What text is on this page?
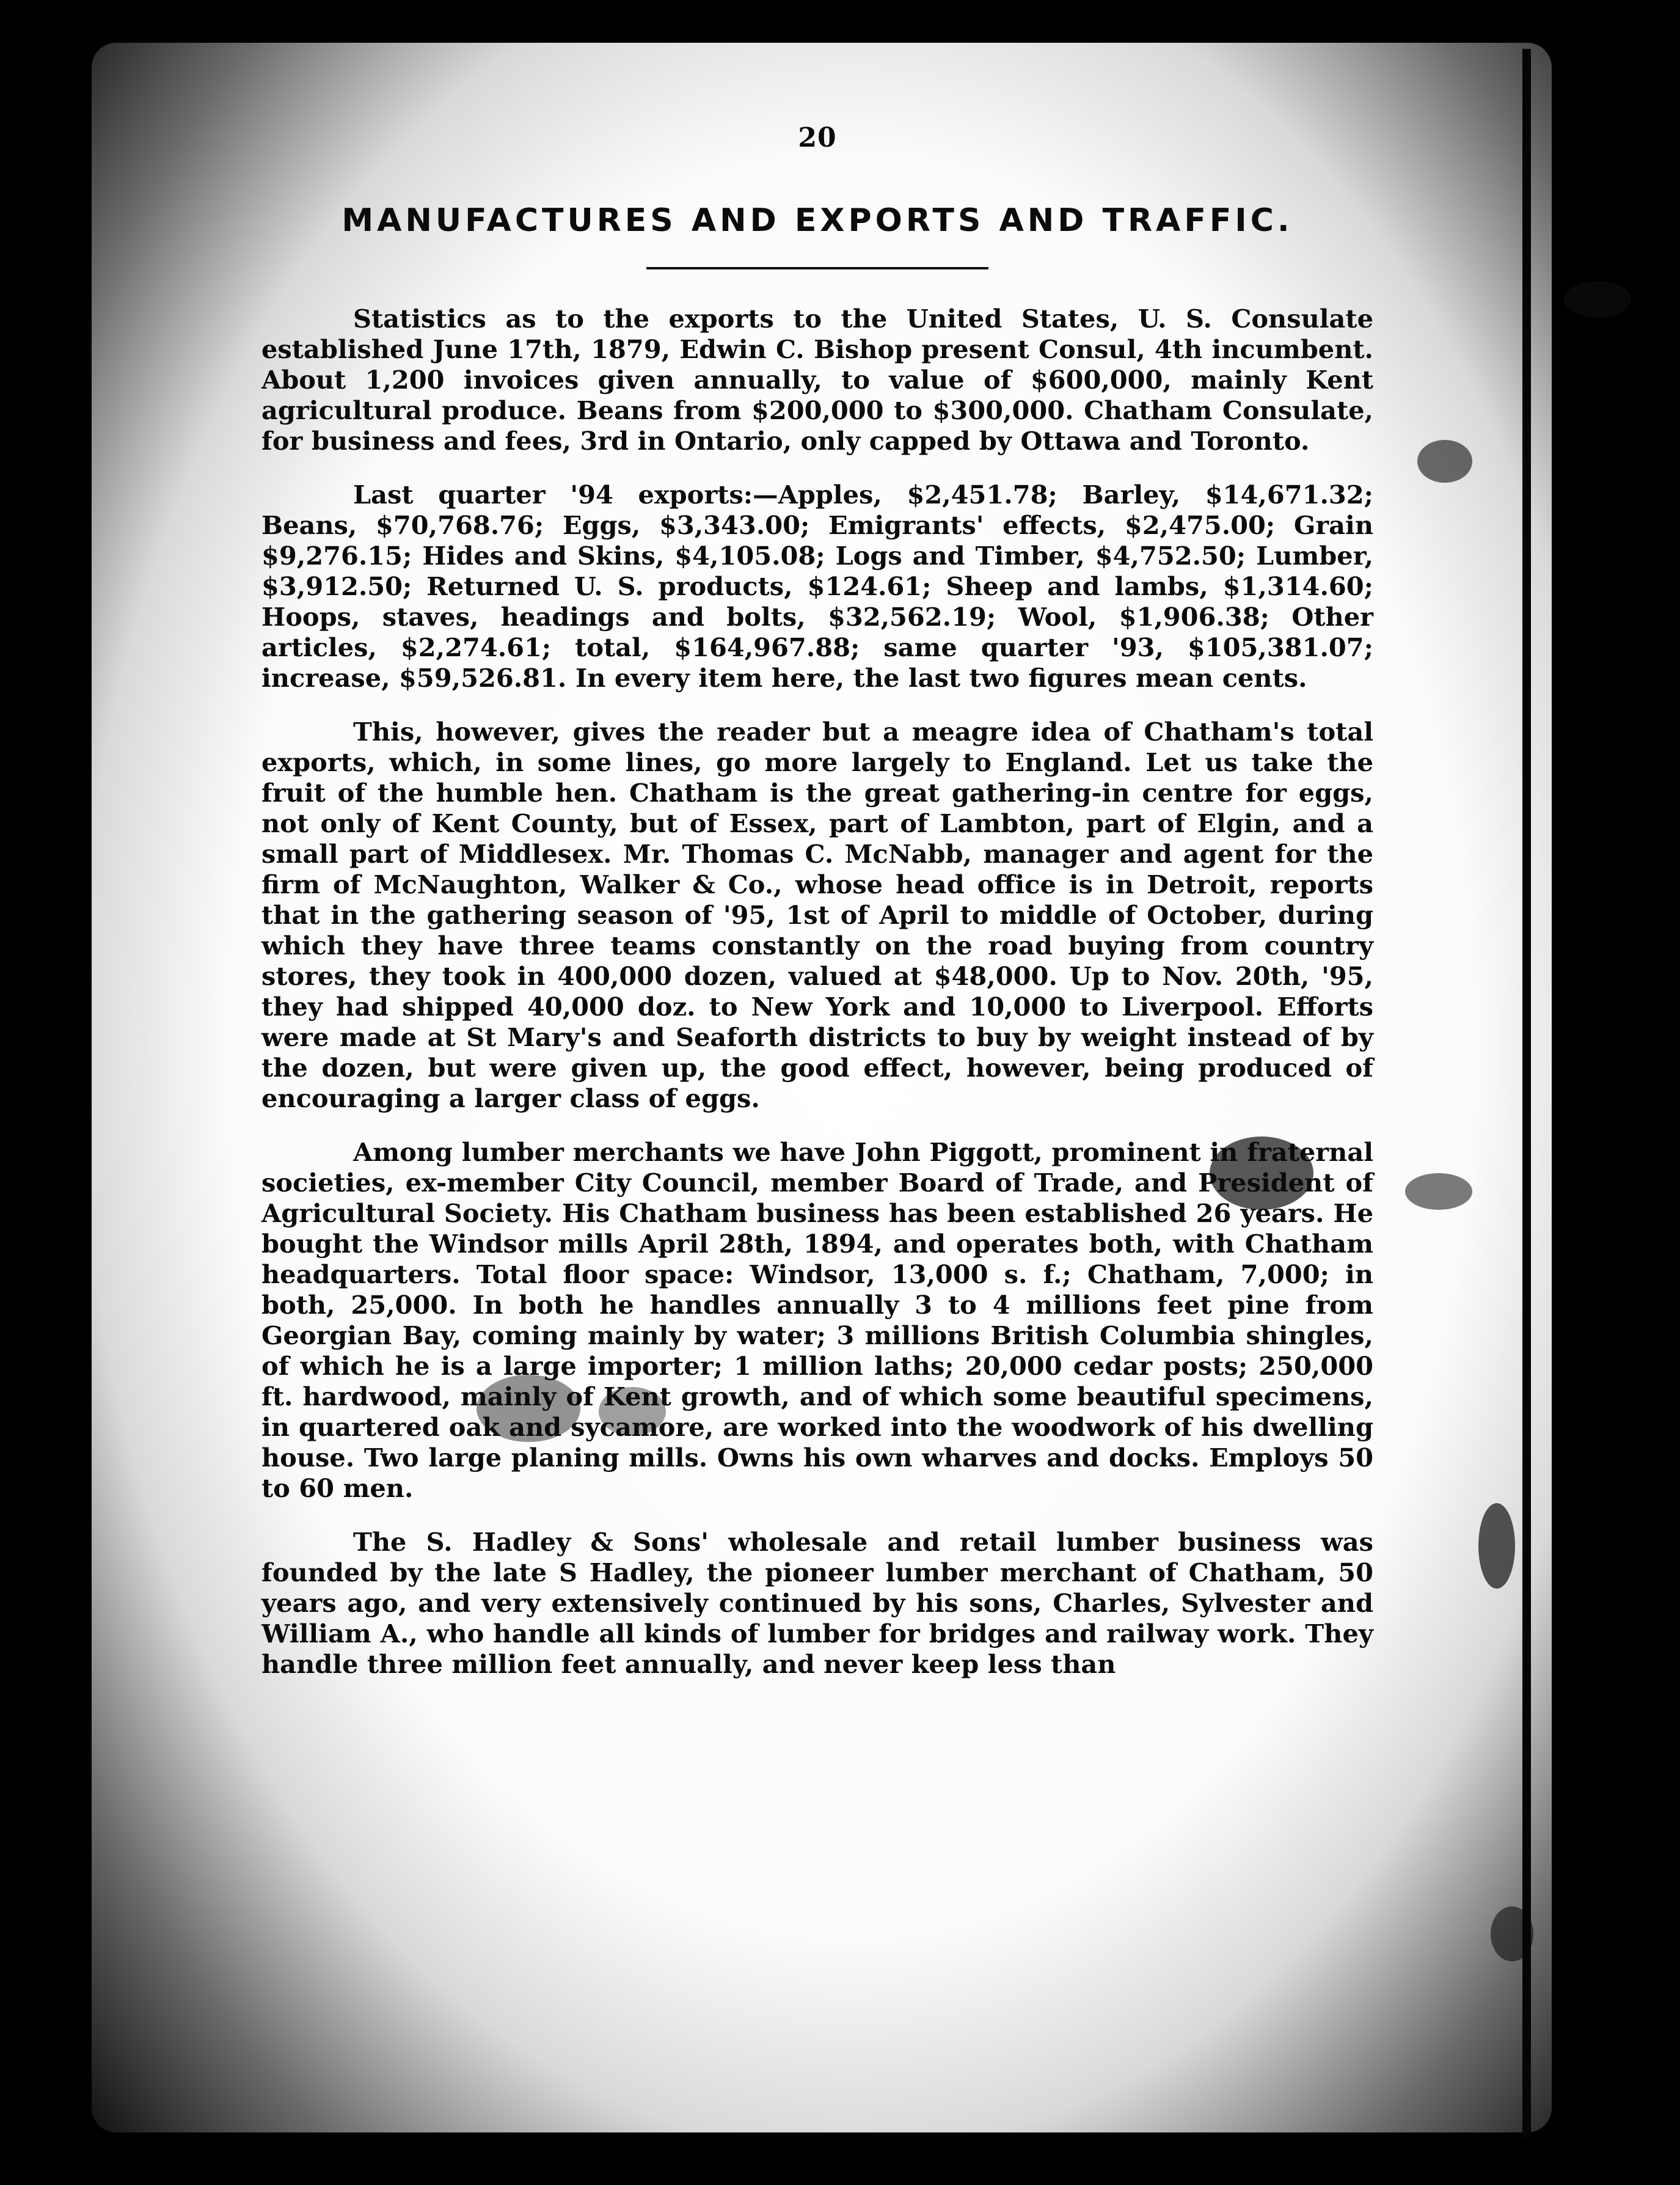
20
MANUFACTURES AND EXPORTS AND TRAFFIC.

Statistics as to the exports to the United States, U. S. Consulate established June 17th, 1879, Edwin C. Bishop present Consul, 4th incumbent. About 1,200 invoices given annually, to value of $600,000, mainly Kent agricultural produce. Beans from $200,000 to $300,000. Chatham Consulate, for business and fees, 3rd in Ontario, only capped by Ottawa and Toronto.

Last quarter '94 exports:—Apples, $2,451.78; Barley, $14,671.32; Beans, $70,768.76; Eggs, $3,343.00; Emigrants' effects, $2,475.00; Grain $9,276.15; Hides and Skins, $4,105.08; Logs and Timber, $4,752.50; Lumber, $3,912.50; Returned U. S. products, $124.61; Sheep and lambs, $1,314.60; Hoops, staves, headings and bolts, $32,562.19; Wool, $1,906.38; Other articles, $2,274.61; total, $164,967.88; same quarter '93, $105,381.07; increase, $59,526.81. In every item here, the last two figures mean cents.

This, however, gives the reader but a meagre idea of Chatham's total exports, which, in some lines, go more largely to England. Let us take the fruit of the humble hen. Chatham is the great gathering-in centre for eggs, not only of Kent County, but of Essex, part of Lambton, part of Elgin, and a small part of Middlesex. Mr. Thomas C. McNabb, manager and agent for the firm of McNaughton, Walker & Co., whose head office is in Detroit, reports that in the gathering season of '95, 1st of April to middle of October, during which they have three teams constantly on the road buying from country stores, they took in 400,000 dozen, valued at $48,000. Up to Nov. 20th, '95, they had shipped 40,000 doz. to New York and 10,000 to Liverpool. Efforts were made at St Mary's and Seaforth districts to buy by weight instead of by the dozen, but were given up, the good effect, however, being produced of encouraging a larger class of eggs.

Among lumber merchants we have John Piggott, prominent in fraternal societies, ex-member City Council, member Board of Trade, and President of Agricultural Society. His Chatham business has been established 26 years. He bought the Windsor mills April 28th, 1894, and operates both, with Chatham headquarters. Total floor space: Windsor, 13,000 s. f.; Chatham, 7,000; in both, 25,000. In both he handles annually 3 to 4 millions feet pine from Georgian Bay, coming mainly by water; 3 millions British Columbia shingles, of which he is a large importer; 1 million laths; 20,000 cedar posts; 250,000 ft. hardwood, mainly of Kent growth, and of which some beautiful specimens, in quartered oak and sycamore, are worked into the woodwork of his dwelling house. Two large planing mills. Owns his own wharves and docks. Employs 50 to 60 men.

The S. Hadley & Sons' wholesale and retail lumber business was founded by the late S Hadley, the pioneer lumber merchant of Chatham, 50 years ago, and very extensively continued by his sons, Charles, Sylvester and William A., who handle all kinds of lumber for bridges and railway work. They handle three million feet annually, and never keep less than
